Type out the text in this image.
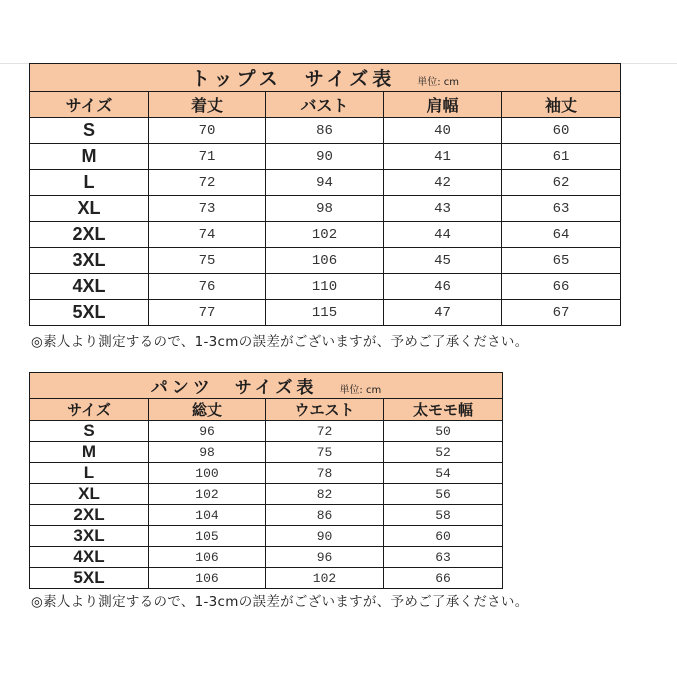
トップス　サイズ表 単位: cm				
サイズ	着丈	バスト	肩幅	袖丈
S	70	86	40	60
M	71	90	41	61
L	72	94	42	62
XL	73	98	43	63
2XL	74	102	44	64
3XL	75	106	45	65
4XL	76	110	46	66
5XL	77	115	47	67
◎素人より測定するので、1-3cmの誤差がございますが、予めご了承ください。
パンツ　サイズ表 単位: cm			
サイズ	総丈	ウエスト	太モモ幅
S	96	72	50
M	98	75	52
L	100	78	54
XL	102	82	56
2XL	104	86	58
3XL	105	90	60
4XL	106	96	63
5XL	106	102	66
◎素人より測定するので、1-3cmの誤差がございますが、予めご了承ください。
